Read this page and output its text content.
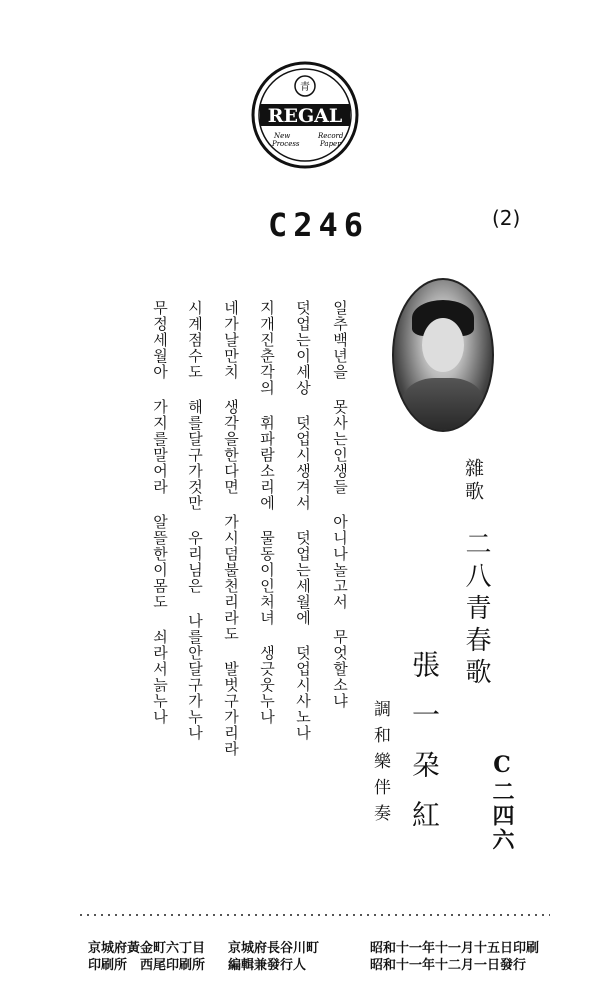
青
REGAL
New
Process
Record
Paper
C246	(2)
雜歌
二八青春歌
張一朶紅
調和樂伴奏	C二四六
일추백년을 못사는인생들 아니나놀고서 무엇할소냐
덧업는이세상 덧업시생겨서 덧업는세월에 덧업시사노나
지개진춘각의 휘파람소리에 물동이인처녀 생긋웃누나
네가날만치 생각을한다면 가시덤불천리라도 발벗구가리라
시계점수도 해를달구가것만 우리님은 나를안달구가누나
무정세월아 가지를말어라 알뜰한이몸도 쇠라서늙누나
昭和十一年十一月十五日印刷
昭和十一年十二月一日發行
京城府長谷川町
編輯兼發行人
京城府黃金町六丁目
印刷所　西尾印刷所
